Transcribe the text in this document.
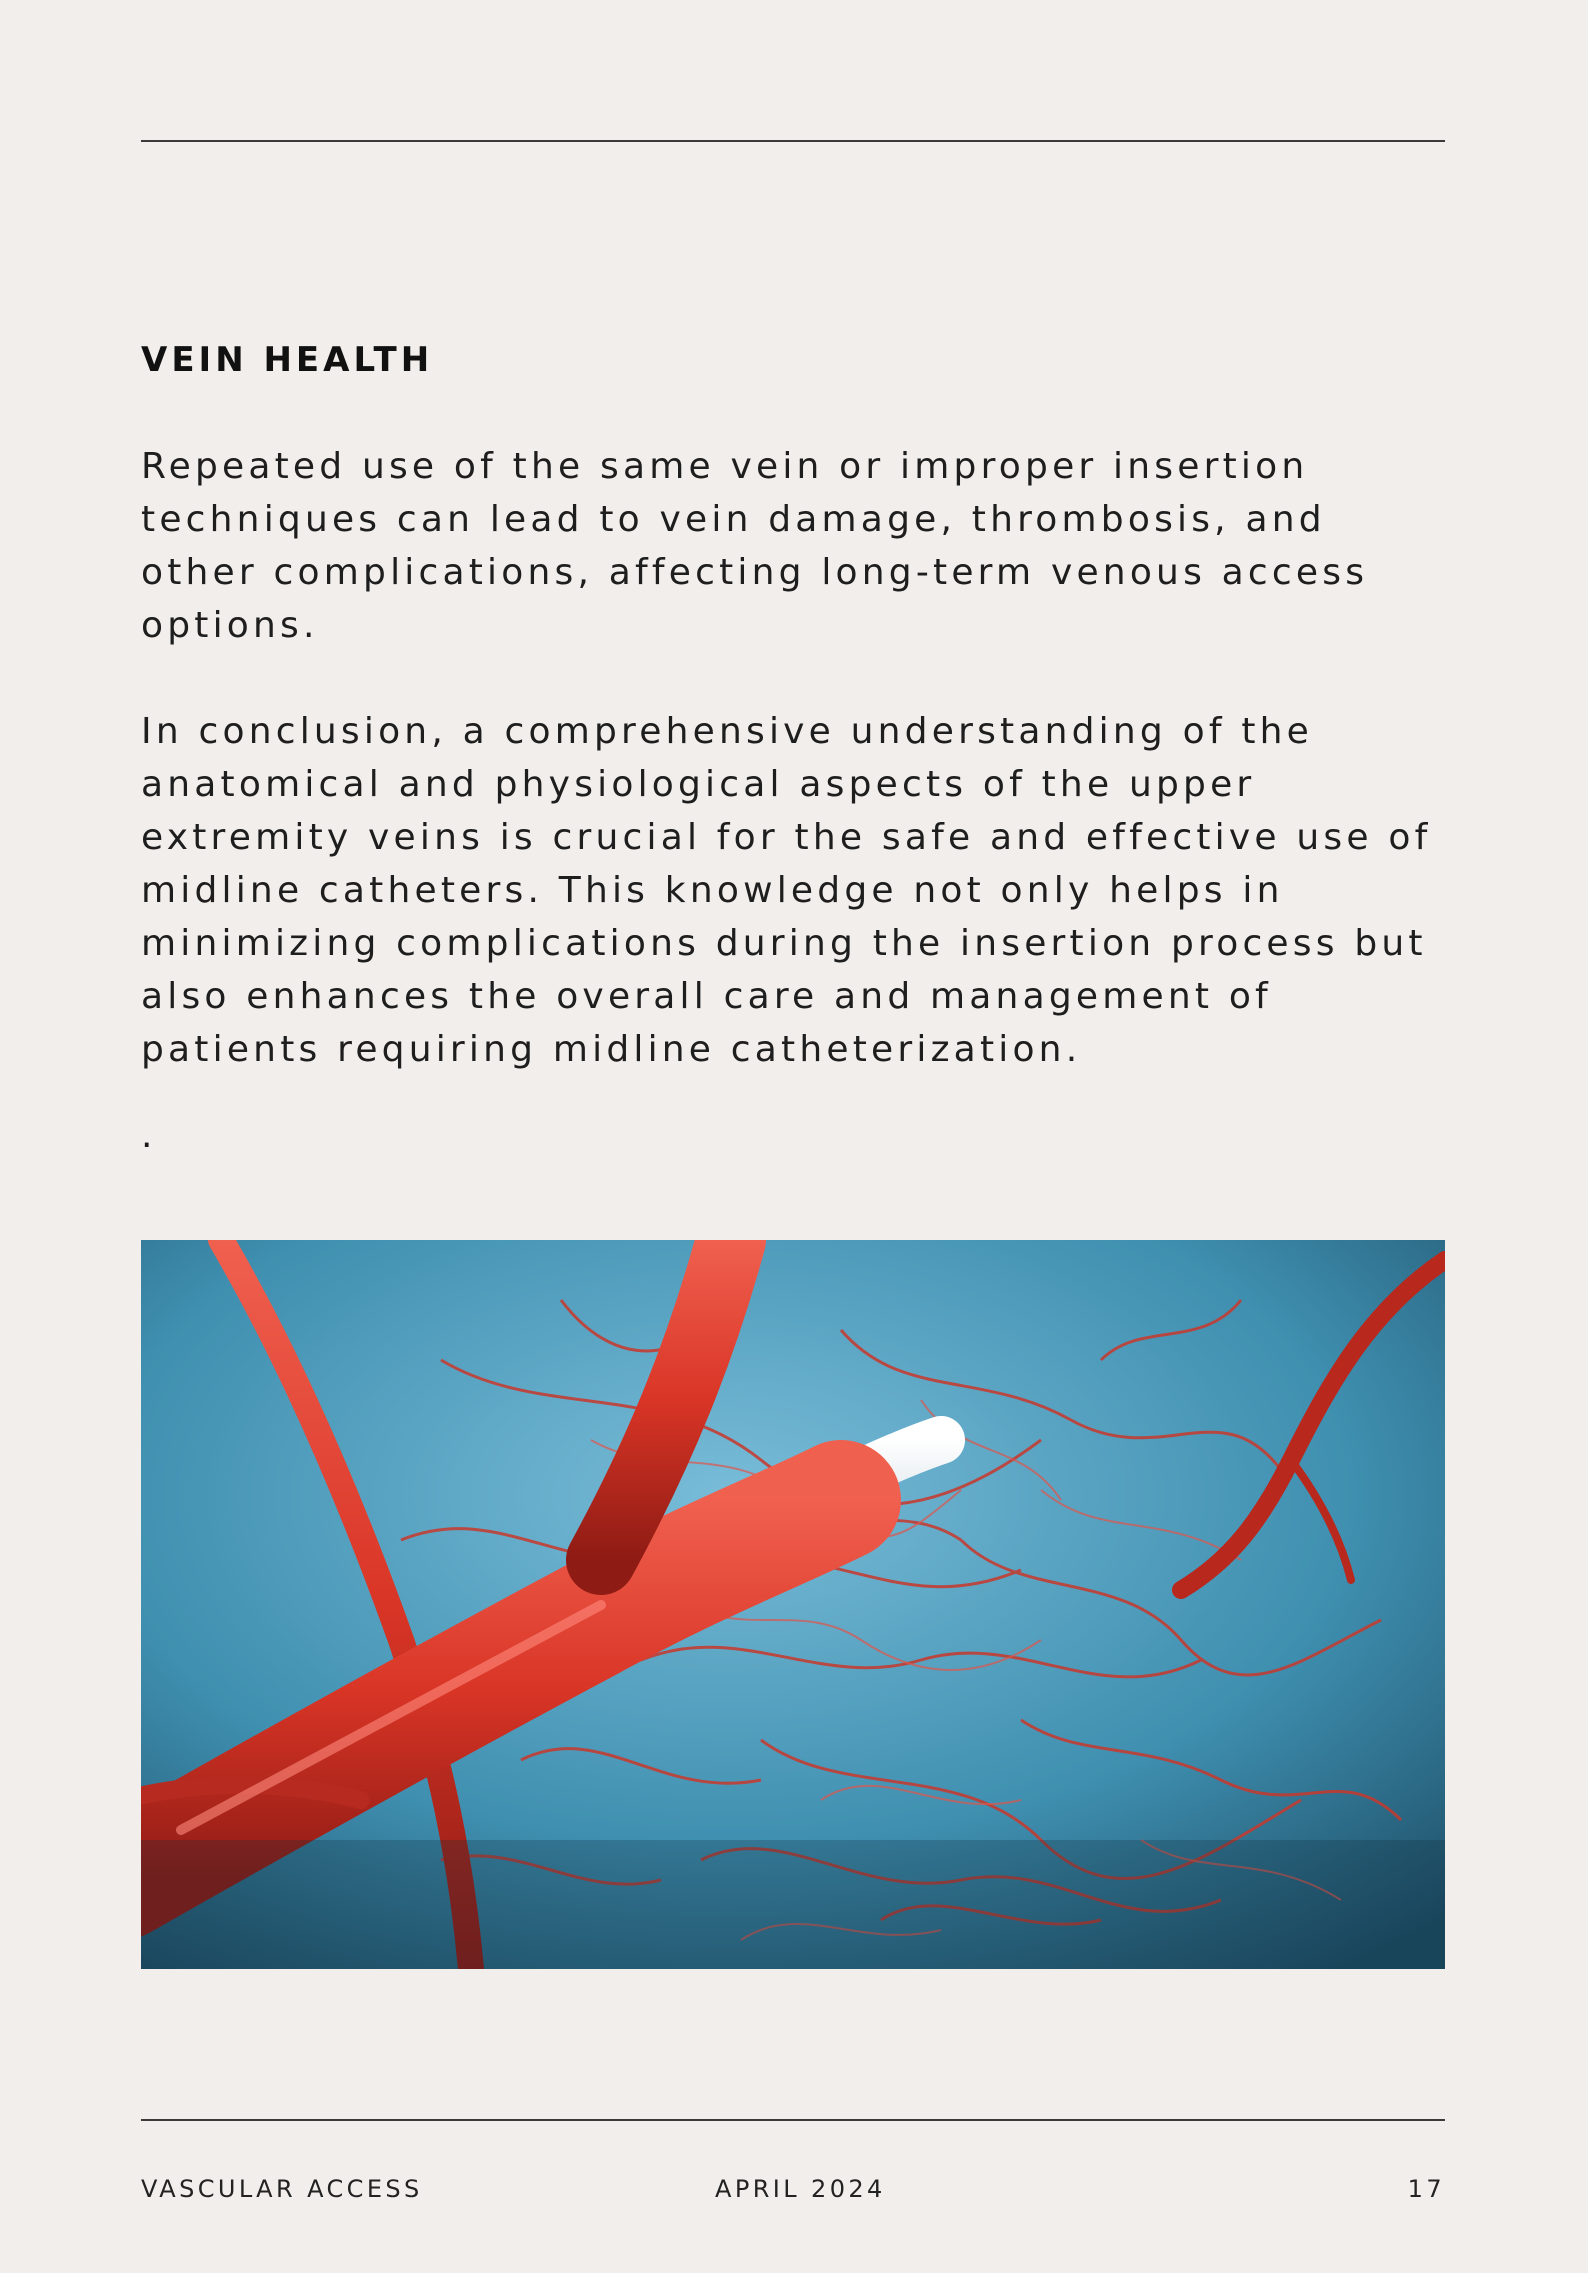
VEIN HEALTH

Repeated use of the same vein or improper insertion techniques can lead to vein damage, thrombosis, and other complications, affecting long-term venous access options.

In conclusion, a comprehensive understanding of the anatomical and physiological aspects of the upper extremity veins is crucial for the safe and effective use of midline catheters. This knowledge not only helps in minimizing complications during the insertion process but also enhances the overall care and management of patients requiring midline catheterization.

.
VASCULAR ACCESS	APRIL 2024	17
